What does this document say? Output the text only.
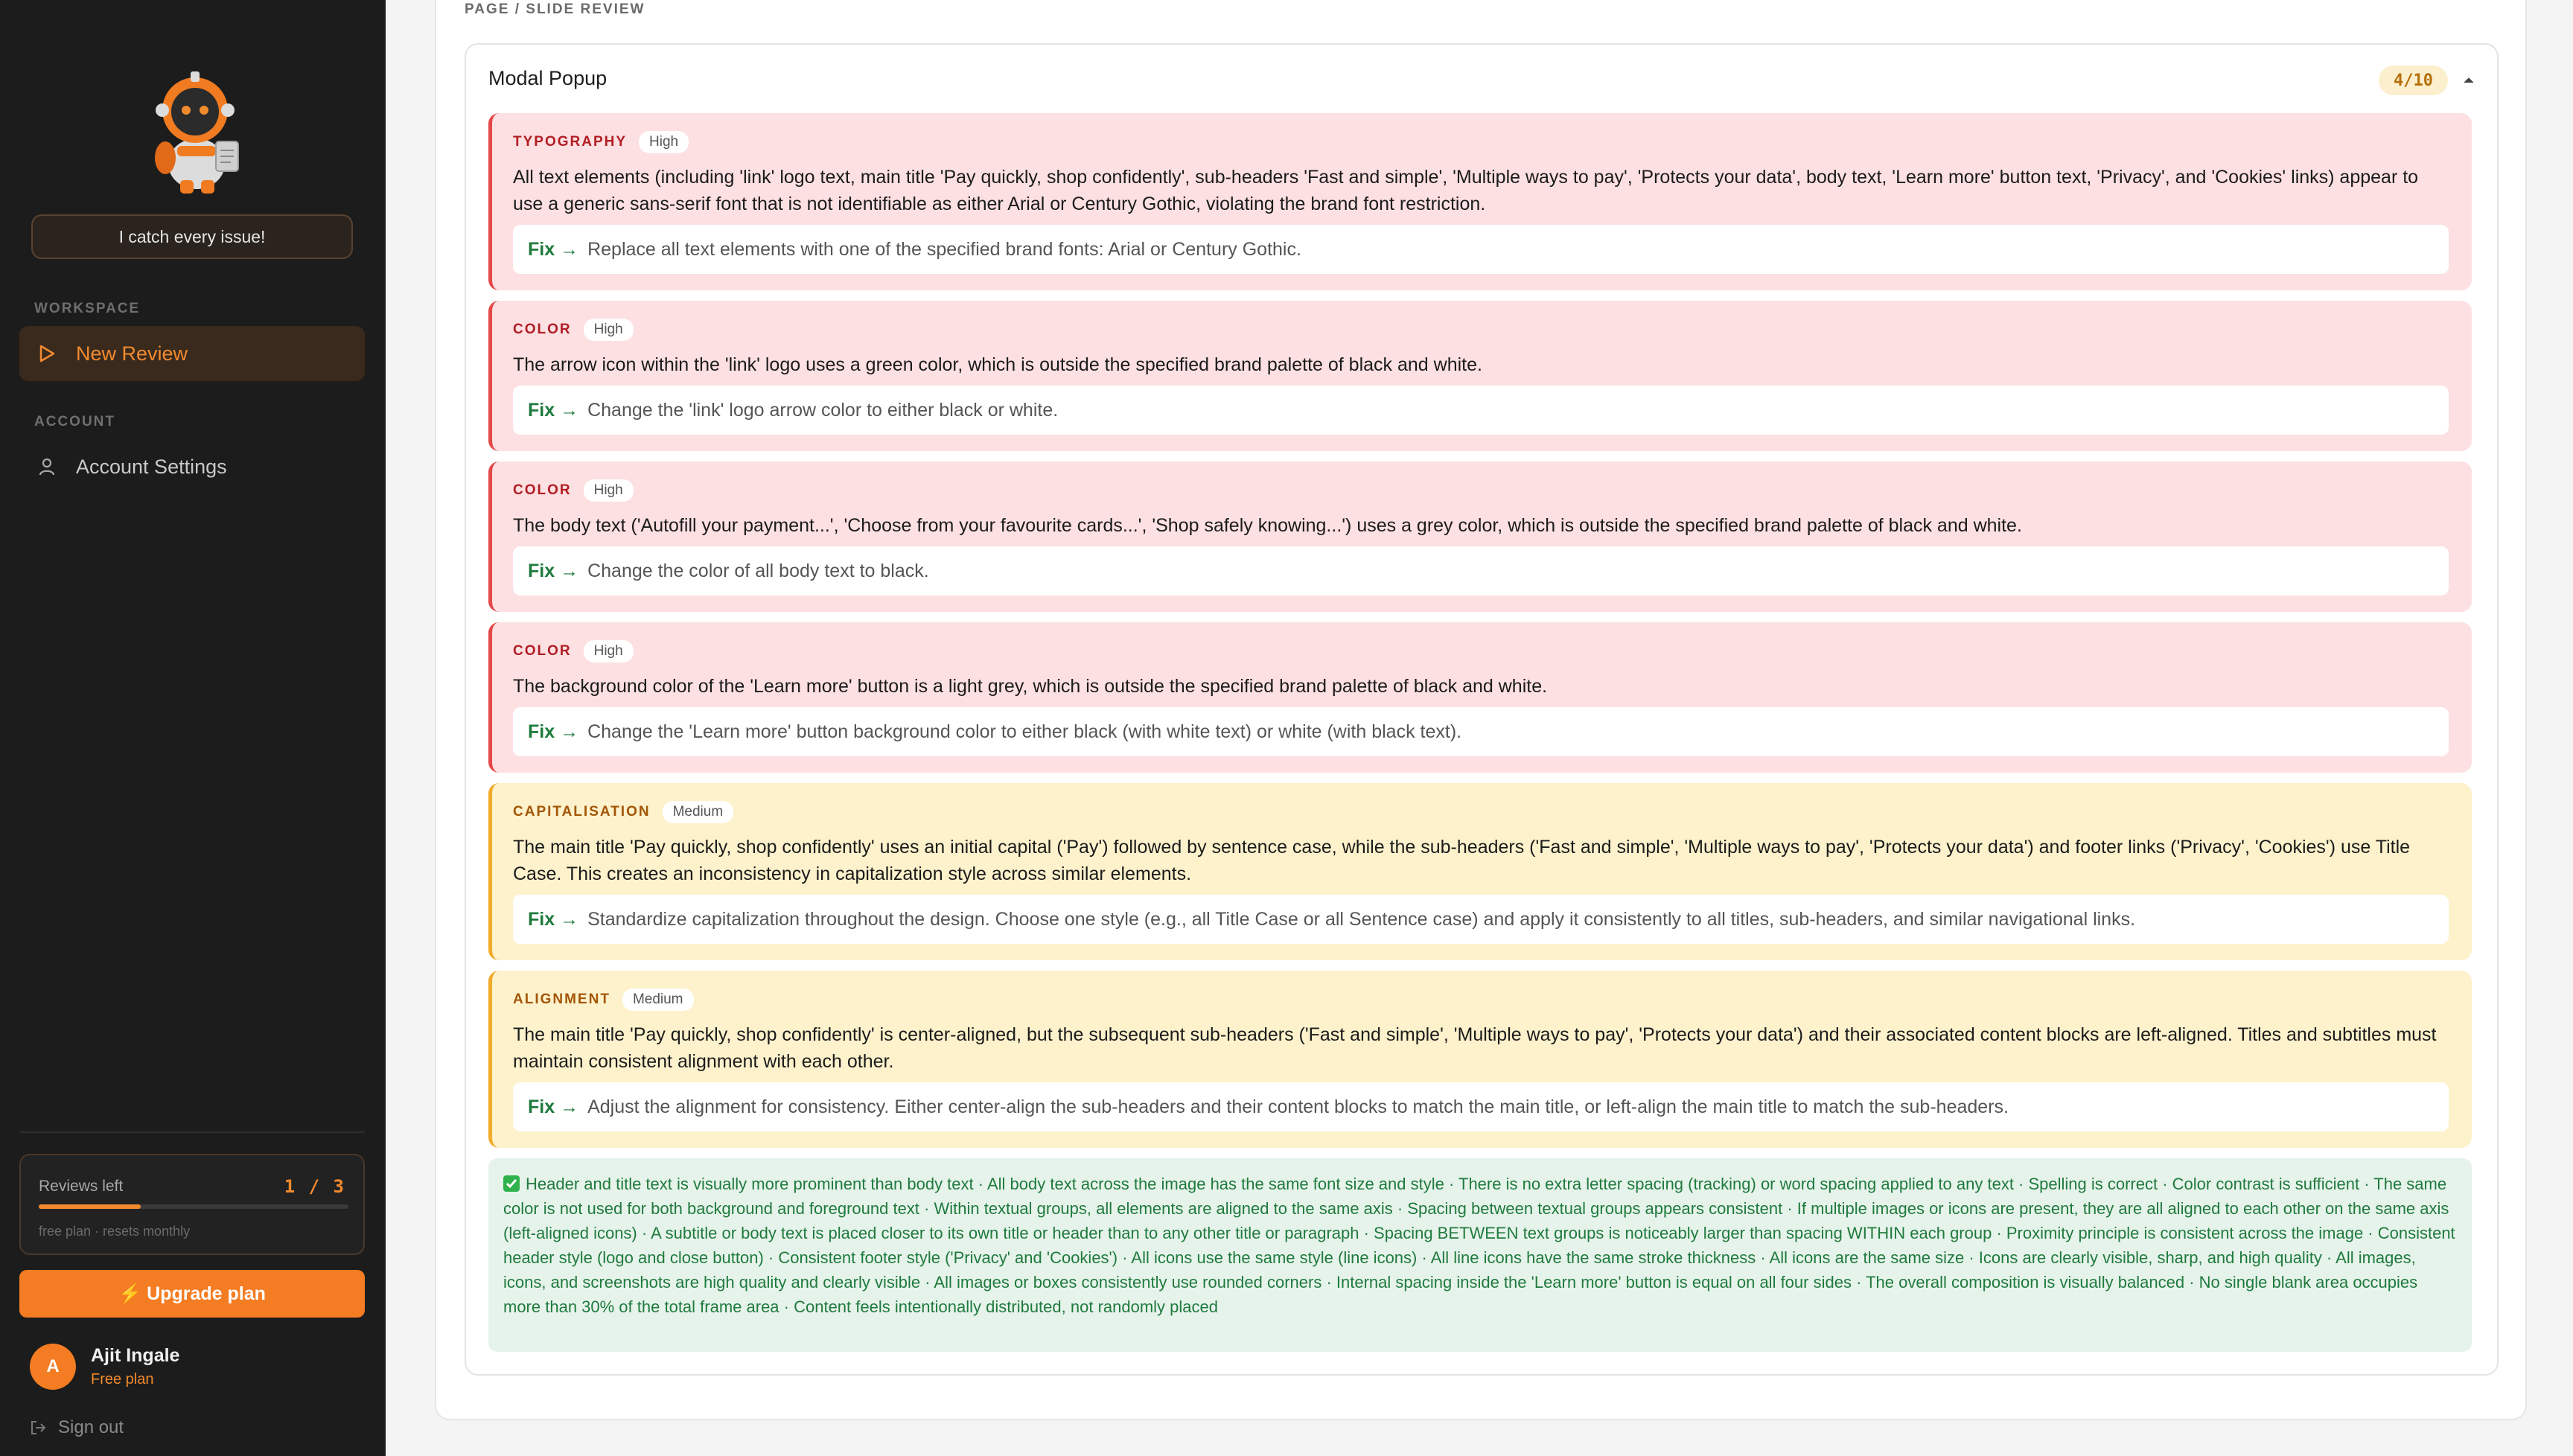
I catch every issue!
WORKSPACE
New Review
ACCOUNT
Account Settings
Reviews left	1 / 3
free plan · resets monthly
⚡ Upgrade plan
A
Ajit Ingale
Free plan
Sign out
PAGE / SLIDE REVIEW
Modal Popup	4/10
TYPOGRAPHY	High
All text elements (including 'link' logo text, main title 'Pay quickly, shop confidently', sub-headers 'Fast and simple', 'Multiple ways to pay', 'Protects your data', body text, 'Learn more' button text, 'Privacy', and 'Cookies' links) appear to use a generic sans-serif font that is not identifiable as either Arial or Century Gothic, violating the brand font restriction.
Fix → Replace all text elements with one of the specified brand fonts: Arial or Century Gothic.
COLOR	High
The arrow icon within the 'link' logo uses a green color, which is outside the specified brand palette of black and white.
Fix → Change the 'link' logo arrow color to either black or white.
COLOR	High
The body text ('Autofill your payment...', 'Choose from your favourite cards...', 'Shop safely knowing...') uses a grey color, which is outside the specified brand palette of black and white.
Fix → Change the color of all body text to black.
COLOR	High
The background color of the 'Learn more' button is a light grey, which is outside the specified brand palette of black and white.
Fix → Change the 'Learn more' button background color to either black (with white text) or white (with black text).
CAPITALISATION	Medium
The main title 'Pay quickly, shop confidently' uses an initial capital ('Pay') followed by sentence case, while the sub-headers ('Fast and simple', 'Multiple ways to pay', 'Protects your data') and footer links ('Privacy', 'Cookies') use Title Case. This creates an inconsistency in capitalization style across similar elements.
Fix → Standardize capitalization throughout the design. Choose one style (e.g., all Title Case or all Sentence case) and apply it consistently to all titles, sub-headers, and similar navigational links.
ALIGNMENT	Medium
The main title 'Pay quickly, shop confidently' is center-aligned, but the subsequent sub-headers ('Fast and simple', 'Multiple ways to pay', 'Protects your data') and their associated content blocks are left-aligned. Titles and subtitles must maintain consistent alignment with each other.
Fix → Adjust the alignment for consistency. Either center-align the sub-headers and their content blocks to match the main title, or left-align the main title to match the sub-headers.
Header and title text is visually more prominent than body text · All body text across the image has the same font size and style · There is no extra letter spacing (tracking) or word spacing applied to any text · Spelling is correct · Color contrast is sufficient · The same color is not used for both background and foreground text · Within textual groups, all elements are aligned to the same axis · Spacing between textual groups appears consistent · If multiple images or icons are present, they are all aligned to each other on the same axis (left-aligned icons) · A subtitle or body text is placed closer to its own title or header than to any other title or paragraph · Spacing BETWEEN text groups is noticeably larger than spacing WITHIN each group · Proximity principle is consistent across the image · Consistent header style (logo and close button) · Consistent footer style ('Privacy' and 'Cookies') · All icons use the same style (line icons) · All line icons have the same stroke thickness · All icons are the same size · Icons are clearly visible, sharp, and high quality · All images, icons, and screenshots are high quality and clearly visible · All images or boxes consistently use rounded corners · Internal spacing inside the 'Learn more' button is equal on all four sides · The overall composition is visually balanced · No single blank area occupies more than 30% of the total frame area · Content feels intentionally distributed, not randomly placed
